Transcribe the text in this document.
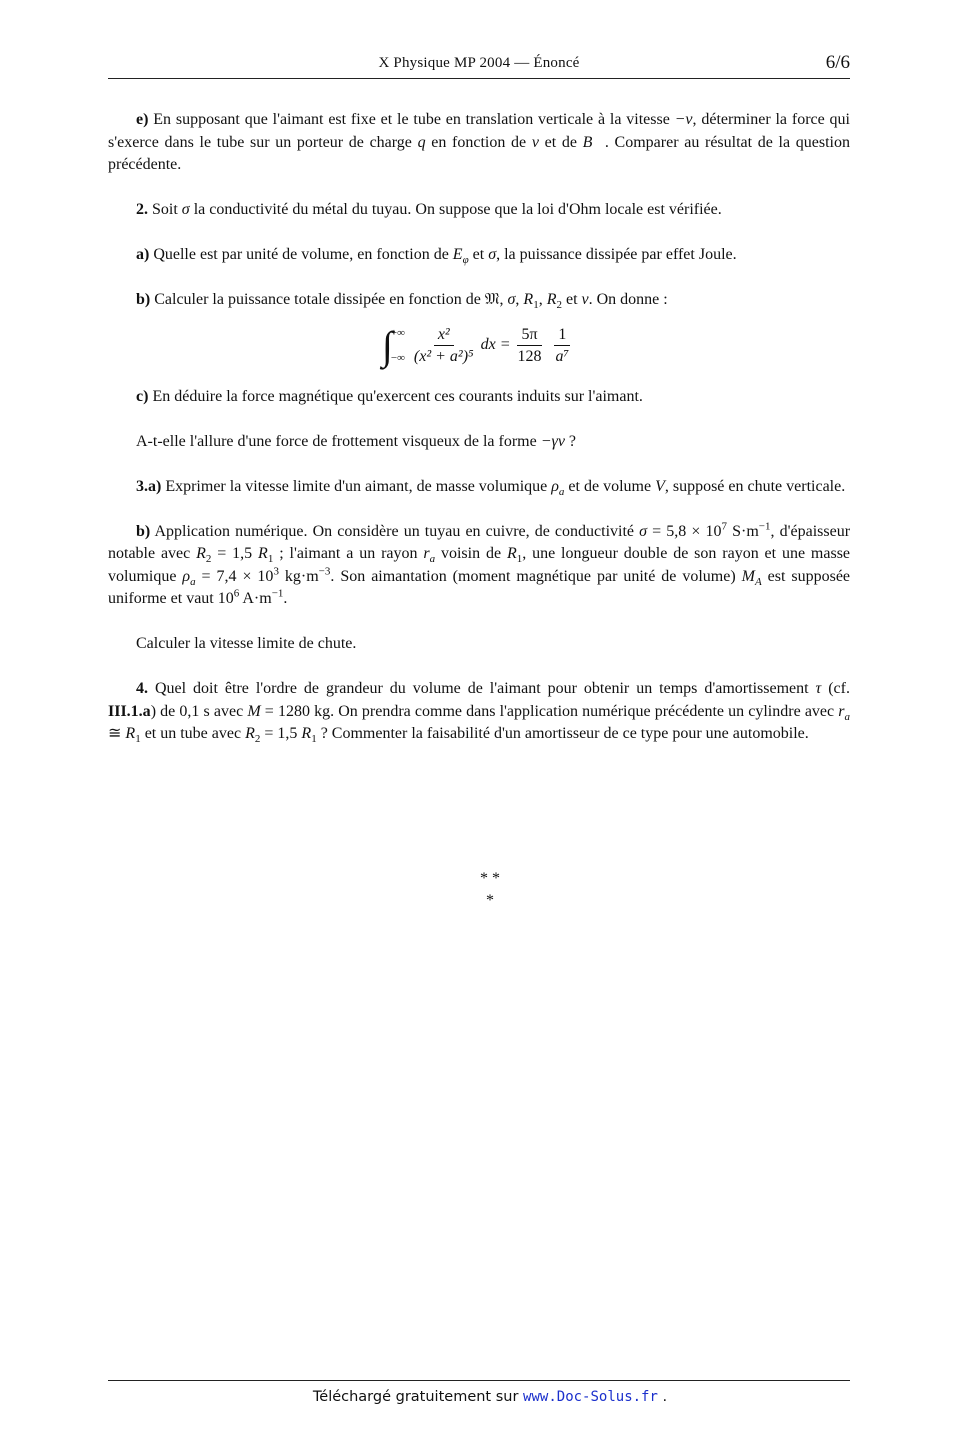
X Physique MP 2004 — Énoncé	6/6

e) En supposant que l'aimant est fixe et le tube en translation verticale à la vitesse −v, déterminer la force qui s'exerce dans le tube sur un porteur de charge q en fonction de v et de B⃗. Comparer au résultat de la question précédente.

2. Soit σ la conductivité du métal du tuyau. On suppose que la loi d'Ohm locale est vérifiée.

a) Quelle est par unité de volume, en fonction de $E_\varphi$ et σ, la puissance dissipée par effet Joule.

b) Calculer la puissance totale dissipée en fonction de 𝔐, σ, $R_1$, $R_2$ et v. On donne :

∫
+∞
−∞ $\frac{\text{x²}}{\text{(x² + a²)⁵}}$ dx = $\frac{5\pi}{128} \frac{1}{\text{a⁷}}$

c) En déduire la force magnétique qu'exercent ces courants induits sur l'aimant.

A-t-elle l'allure d'une force de frottement visqueux de la forme −γv ?

3.a) Exprimer la vitesse limite d'un aimant, de masse volumique $\rho_a$ et de volume V, supposé en chute verticale.

b) Application numérique. On considère un tuyau en cuivre, de conductivité $\sigma = 5,8 \times 10^7$ $S\cdot m^{-1}$, d'épaisseur notable avec $R_2 = 1,5$ $R_1$ ; l'aimant a un rayon $r_a$ voisin de $R_1$, une longueur double de son rayon et une masse volumique $\rho_a = 7,4 \times 10^3$ $kg\cdot m^{-3}$. Son aimantation (moment magnétique par unité de volume) $M_A$ est supposée uniforme et vaut $10^6$ $A\cdot m^{-1}$.

Calculer la vitesse limite de chute.

4. Quel doit être l'ordre de grandeur du volume de l'aimant pour obtenir un temps d'amortissement τ (cf. III.1.a) de 0,1 s avec M = 1280 kg. On prendra comme dans l'application numérique précédente un cylindre avec $r_a$ ≅ $R_1$ et un tube avec $R_2 = 1,5$ $R_1$ ? Commenter la faisabilité d'un amortisseur de ce type pour une automobile.

* *
*
Téléchargé gratuitement sur www.Doc-Solus.fr .
